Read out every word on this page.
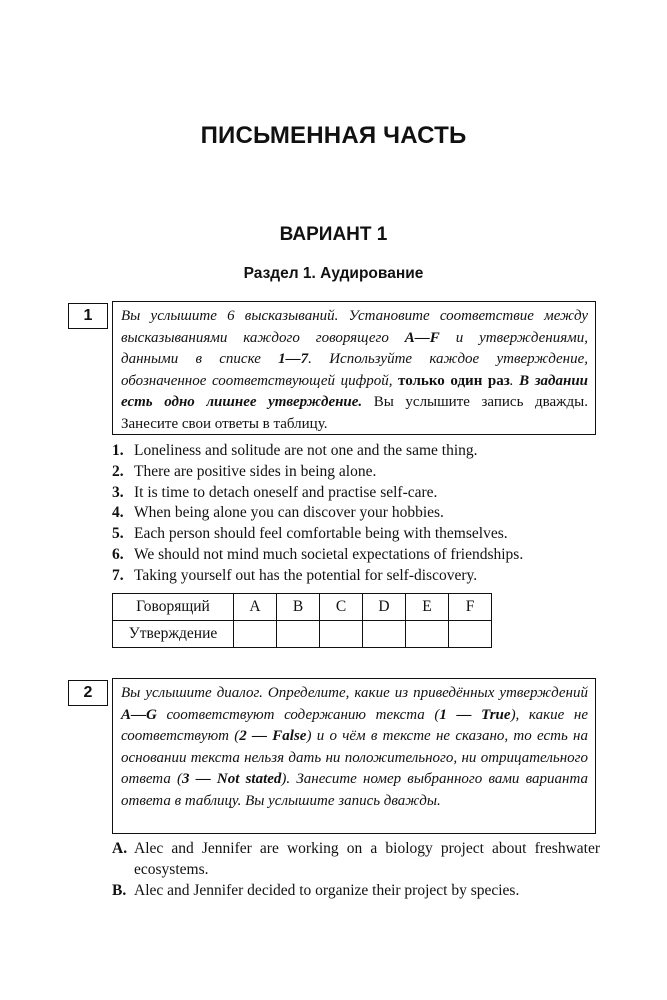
ПИСЬМЕННАЯ ЧАСТЬ
ВАРИАНТ 1
Раздел 1. Аудирование
1	Вы услышите 6 высказываний. Установите соответствие между высказываниями каждого говорящего A—F и утверждениями, данными в списке 1—7. Используйте каждое утверждение, обозначенное соответствующей цифрой, только один раз. В задании есть одно лишнее утверждение. Вы услышите запись дважды. Занесите свои ответы в таблицу.
1. Loneliness and solitude are not one and the same thing.
2. There are positive sides in being alone.
3. It is time to detach oneself and practise self-care.
4. When being alone you can discover your hobbies.
5. Each person should feel comfortable being with themselves.
6. We should not mind much societal expectations of friendships.
7. Taking yourself out has the potential for self-discovery.
Говорящий	A	B	C	D	E	F
Утверждение						
2	Вы услышите диалог. Определите, какие из приведённых утверждений A—G соответствуют содержанию текста (1 — True), какие не соответствуют (2 — False) и о чём в тексте не сказано, то есть на основании текста нельзя дать ни положительного, ни отрицательного ответа (3 — Not stated). Занесите номер выбранного вами варианта ответа в таблицу. Вы услышите запись дважды.
A. Alec and Jennifer are working on a biology project about freshwater ecosystems.
B. Alec and Jennifer decided to organize their project by species.
